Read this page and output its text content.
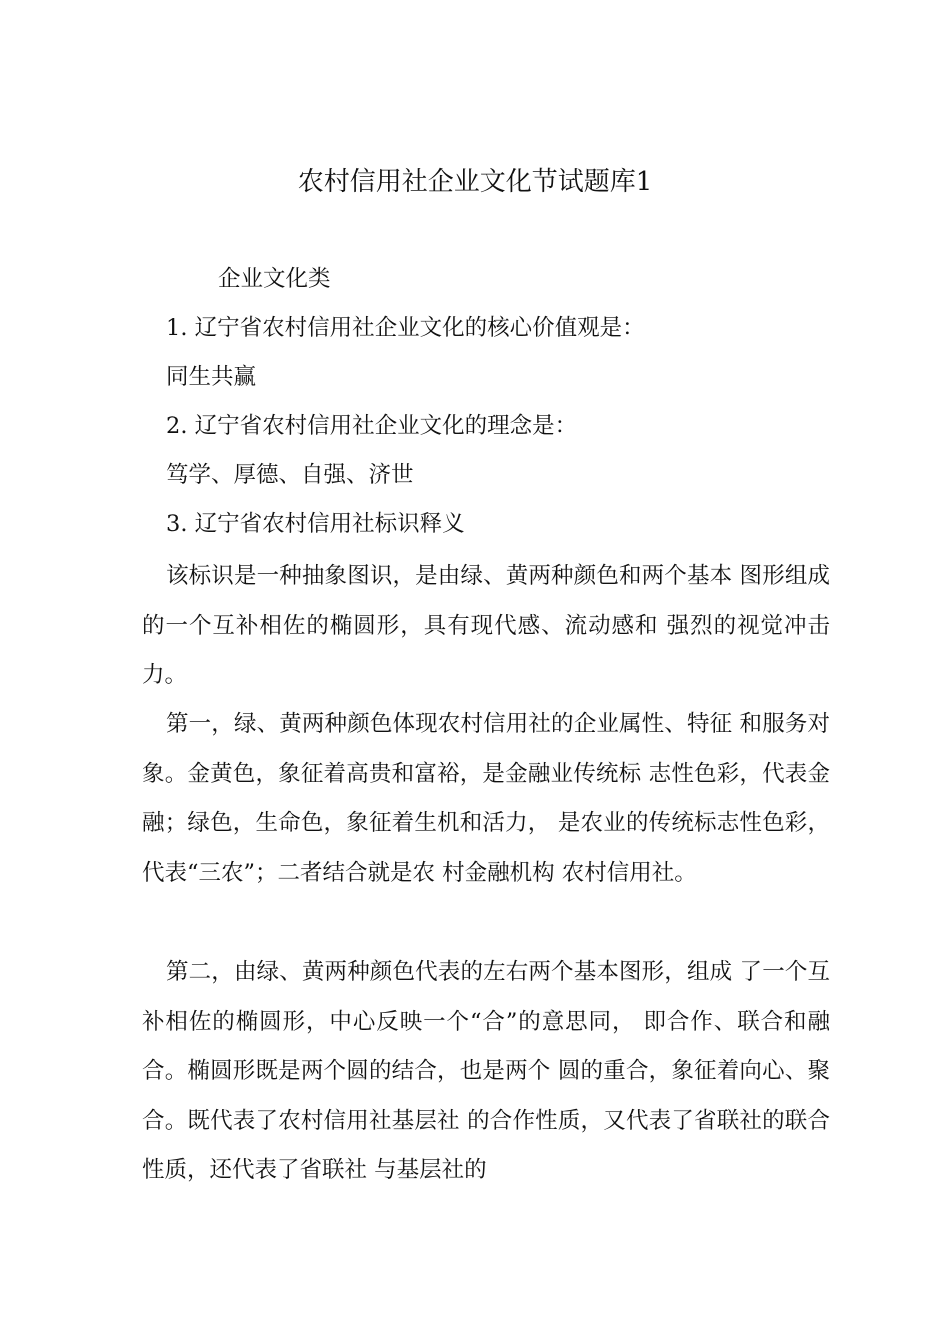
农村信用社企业文化节试题库1
企业文化类
1. 辽宁省农村信用社企业文化的核心价值观是：
同生共赢
2. 辽宁省农村信用社企业文化的理念是：
笃学、厚德、自强、济世
3. 辽宁省农村信用社标识释义
该标识是一种抽象图识，是由绿、黄两种颜色和两个基本 图形组成的一个互补相佐的椭圆形，具有现代感、流动感和 强烈的视觉冲击力。
第一，绿、黄两种颜色体现农村信用社的企业属性、特征 和服务对象。金黄色，象征着高贵和富裕，是金融业传统标 志性色彩，代表金融；绿色，生命色，象征着生机和活力， 是农业的传统标志性色彩，代表“三农”；二者结合就是农 村金融机构 农村信用社。
第二，由绿、黄两种颜色代表的左右两个基本图形，组成 了一个互补相佐的椭圆形，中心反映一个“合”的意思同， 即合作、联合和融合。椭圆形既是两个圆的结合，也是两个 圆的重合，象征着向心、聚合。既代表了农村信用社基层社 的合作性质，又代表了省联社的联合性质，还代表了省联社 与基层社的
